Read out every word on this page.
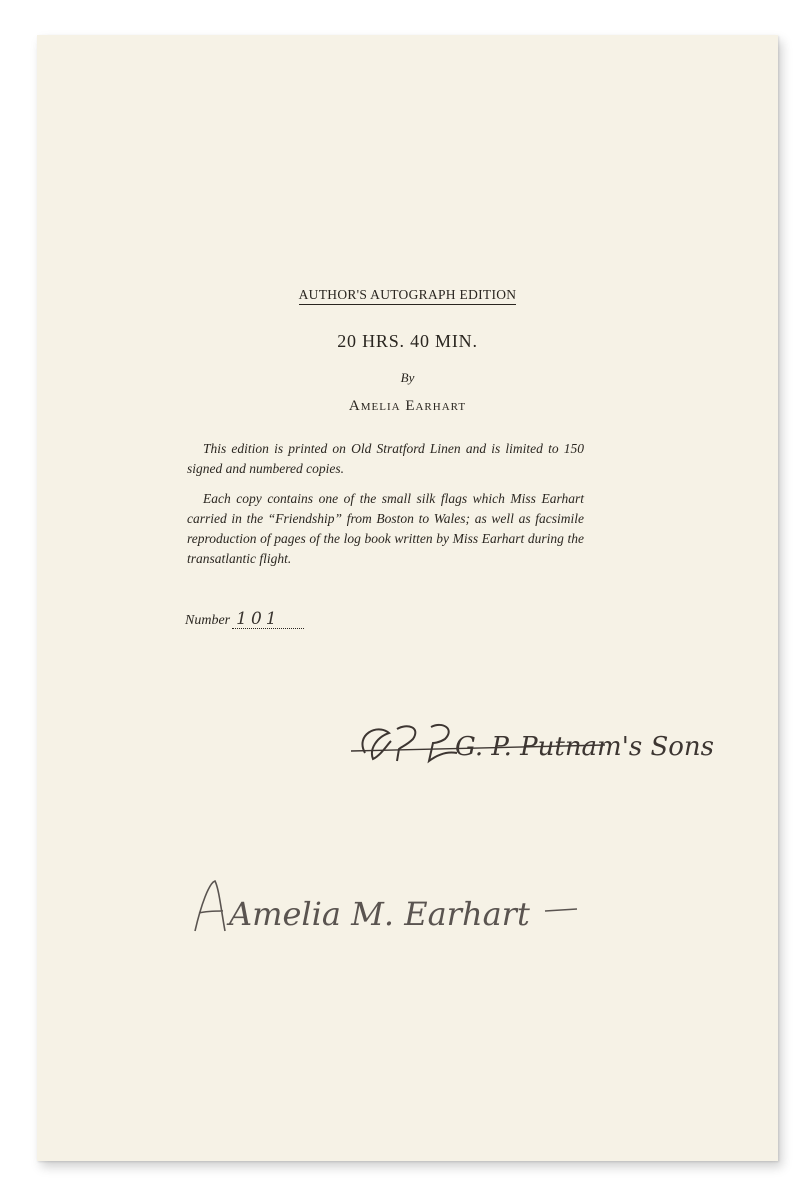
AUTHOR'S AUTOGRAPH EDITION
20 HRS. 40 MIN.
By
Amelia Earhart

This edition is printed on Old Stratford Linen and is limited to 150 signed and numbered copies.

Each copy contains one of the small silk flags which Miss Earhart carried in the “Friendship” from Boston to Wales; as well as facsimile reproduction of pages of the log book written by Miss Earhart during the transatlantic flight.

Number 101
G. P. Putnam's Sons
Amelia M. Earhart
